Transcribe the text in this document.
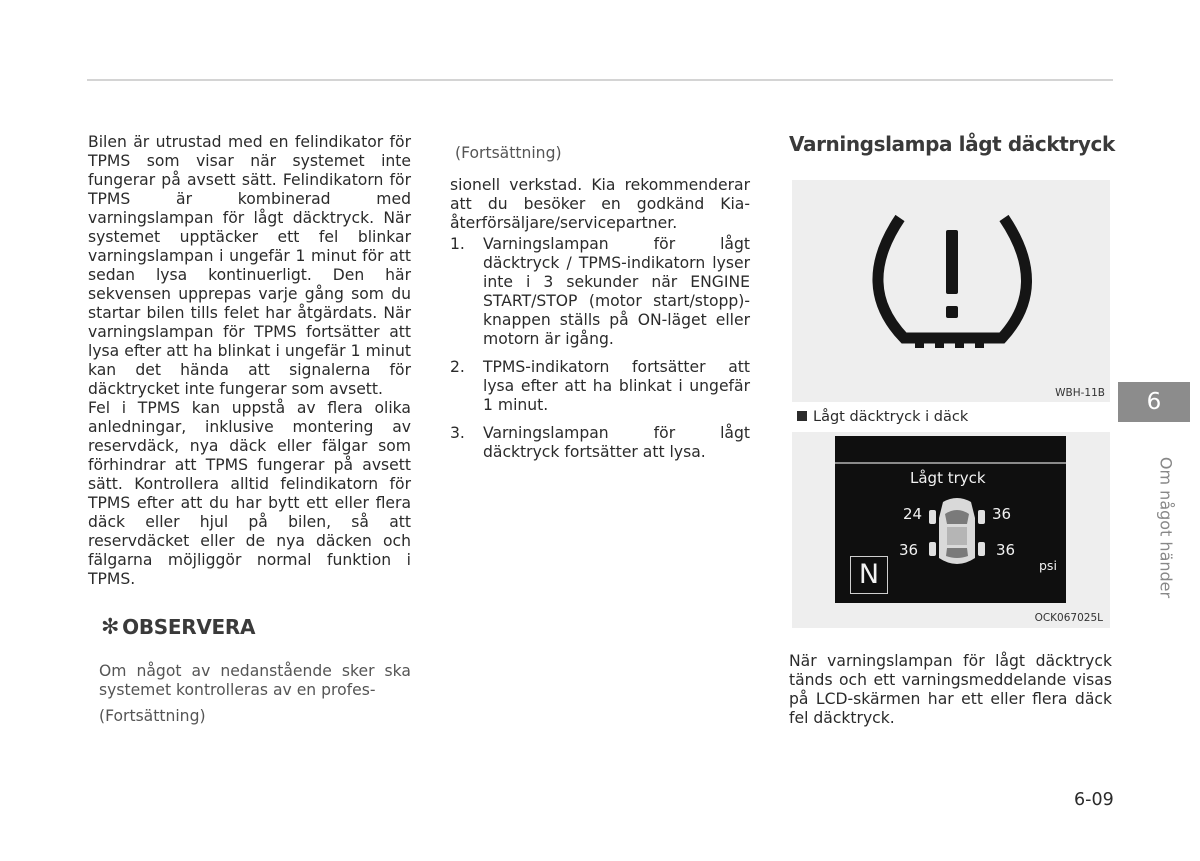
Bilen är utrustad med en felindikator för TPMS som visar när systemet inte fungerar på avsett sätt. Felindikatorn för TPMS är kombinerad med varningslampan för lågt däcktryck. När systemet upptäcker ett fel blinkar varningslampan i ungefär 1 minut för att sedan lysa kontinuerligt. Den här sekvensen upprepas varje gång som du startar bilen tills felet har åtgärdats. När varningslampan för TPMS fortsätter att lysa efter att ha blinkat i ungefär 1 minut kan det hända att signalerna för däcktrycket inte fungerar som avsett.

Fel i TPMS kan uppstå av flera olika anledningar, inklusive montering av reservdäck, nya däck eller fälgar som förhindrar att TPMS fungerar på avsett sätt. Kontrollera alltid felindikatorn för TPMS efter att du har bytt ett eller flera däck eller hjul på bilen, så att reservdäcket eller de nya däcken och fälgarna möjliggör normal funktion i TPMS.

✻ OBSERVERA
Om något av nedanstående sker ska systemet kontrolleras av en profes-
(Fortsättning)
(Fortsättning)

sionell verkstad. Kia rekommenderar att du besöker en godkänd Kia-återförsäljare/servicepartner.

1. Varningslampan för lågt däcktryck / TPMS-indikatorn lyser inte i 3 sekunder när ENGINE START/STOP (motor start/stopp)-knappen ställs på ON-läget eller motorn är igång.
2. TPMS-indikatorn fortsätter att lysa efter att ha blinkat i ungefär 1 minut.
3. Varningslampan för lågt däcktryck fortsätter att lysa.
Varningslampa lågt däcktryck
WBH-11B
Lågt däcktryck i däck
Lågt tryck
24	36
36	36
psi
N
OCK067025L

När varningslampan för lågt däcktryck tänds och ett varningsmeddelande visas på LCD-skärmen har ett eller flera däck fel däcktryck.

6
Om något händer
6-09
